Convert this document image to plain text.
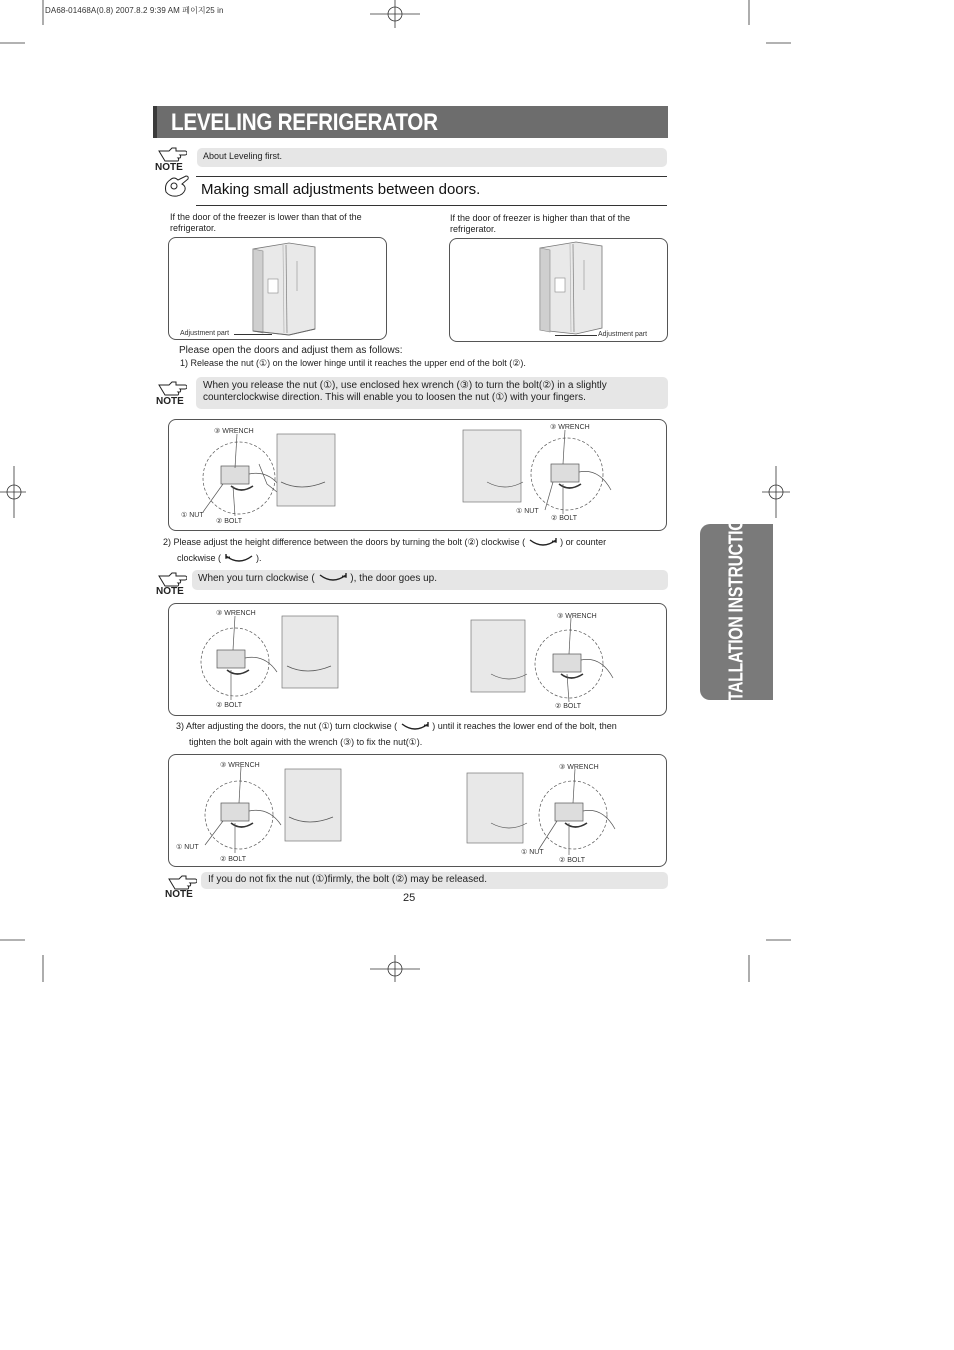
DA68-01468A(0.8) 2007.8.2 9:39 AM 페이지25 in
LEVELING REFRIGERATOR
INSTALLATION INSTRUCTIONS
NOTE
About Leveling first.
Making small adjustments between doors.
If the door of the freezer is lower than that of the refrigerator.
If the door of freezer is higher than that of the refrigerator.
Adjustment part	Adjustment part
Please open the doors and adjust them as follows:
1) Release the nut (①) on the lower hinge until it reaches the upper end of the bolt (②).
NOTE
When you release the nut (①), use enclosed hex wrench (③) to turn the bolt(②) in a slightly counterclockwise direction. This will enable you to loosen the nut (①) with your fingers.
③ WRENCH
① NUT
② BOLT
③ WRENCH
① NUT
② BOLT
2) Please adjust the height difference between the doors by turning the bolt (②) clockwise (	) or counter
clockwise (	).
NOTE
When you turn clockwise (	), the door goes up.
③ WRENCH
② BOLT
③ WRENCH
② BOLT
3) After adjusting the doors, the nut (①) turn clockwise (	) until it reaches the lower end of the bolt, then
tighten the bolt again with the wrench (③) to fix the nut(①).
③ WRENCH
① NUT
② BOLT
③ WRENCH
① NUT
② BOLT
NOTE
If you do not fix the nut (①)firmly, the bolt (②) may be released.
25
